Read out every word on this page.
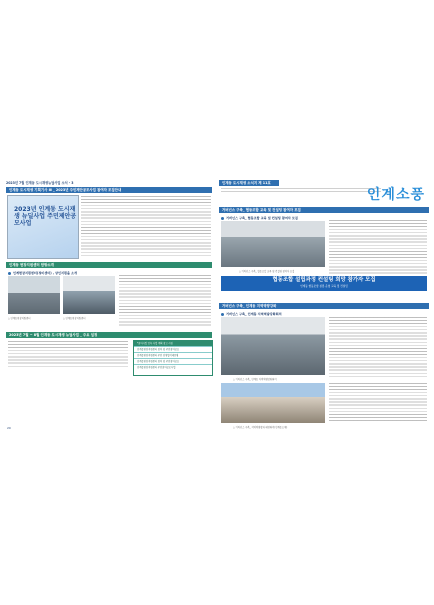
2023년 7월 인계동 도시재생뉴딜사업 소식 - 3
인계동 도시재생 기획기사 Ⅲ _ 2023년 주민제안공모사업 참여자 모집안내
2023년 인계동 도시재생 뉴딜사업 주민제안공모사업
인계동 현장지원센터 탐방소개
인계현장지원센터(정미센터) , 상인지원을 소개
△ 인계동현장지원센터	△ 인계동현장지원센터
2023년 7월 ~ 8월 인계동 도시재생 뉴딜사업 _ 주요 일정
*참여사업 향후 사업 계획 참고 사항
인계동현장지원센터 참여 및 주민참여공모
인계동현장지원센터 주민 상생협의체운영
인계동현장지원센터 참여 및 주민참여공모
인계동현장지원센터 주민참여공모사업
20
인계동 도시재생 소식지 제 11호
인계소풍
거버넌스 구축_ 협동조합 교육 및 컨설팅 참여자 모집
거버넌스 구축_ 협동조합 교육 및 컨설팅 참여자 모집
△ 거버넌스 구축_ 협동조합 교육 및 컨설팅 참여자 모집
협동조합 설립과정 컨설팅 희망 참가자 모집
인계동 협동조합 설립·운영 교육 및 컨설팅
거버넌스 구축_ 인계동 지역역량강화
거버넌스 구축_ 인계동 지역역량강화회의
△ 거버넌스 구축_ 인계동 지역역량강화회의
△ 거버넌스 구축_ 지역역량강화 대면회의(인계동소재)
